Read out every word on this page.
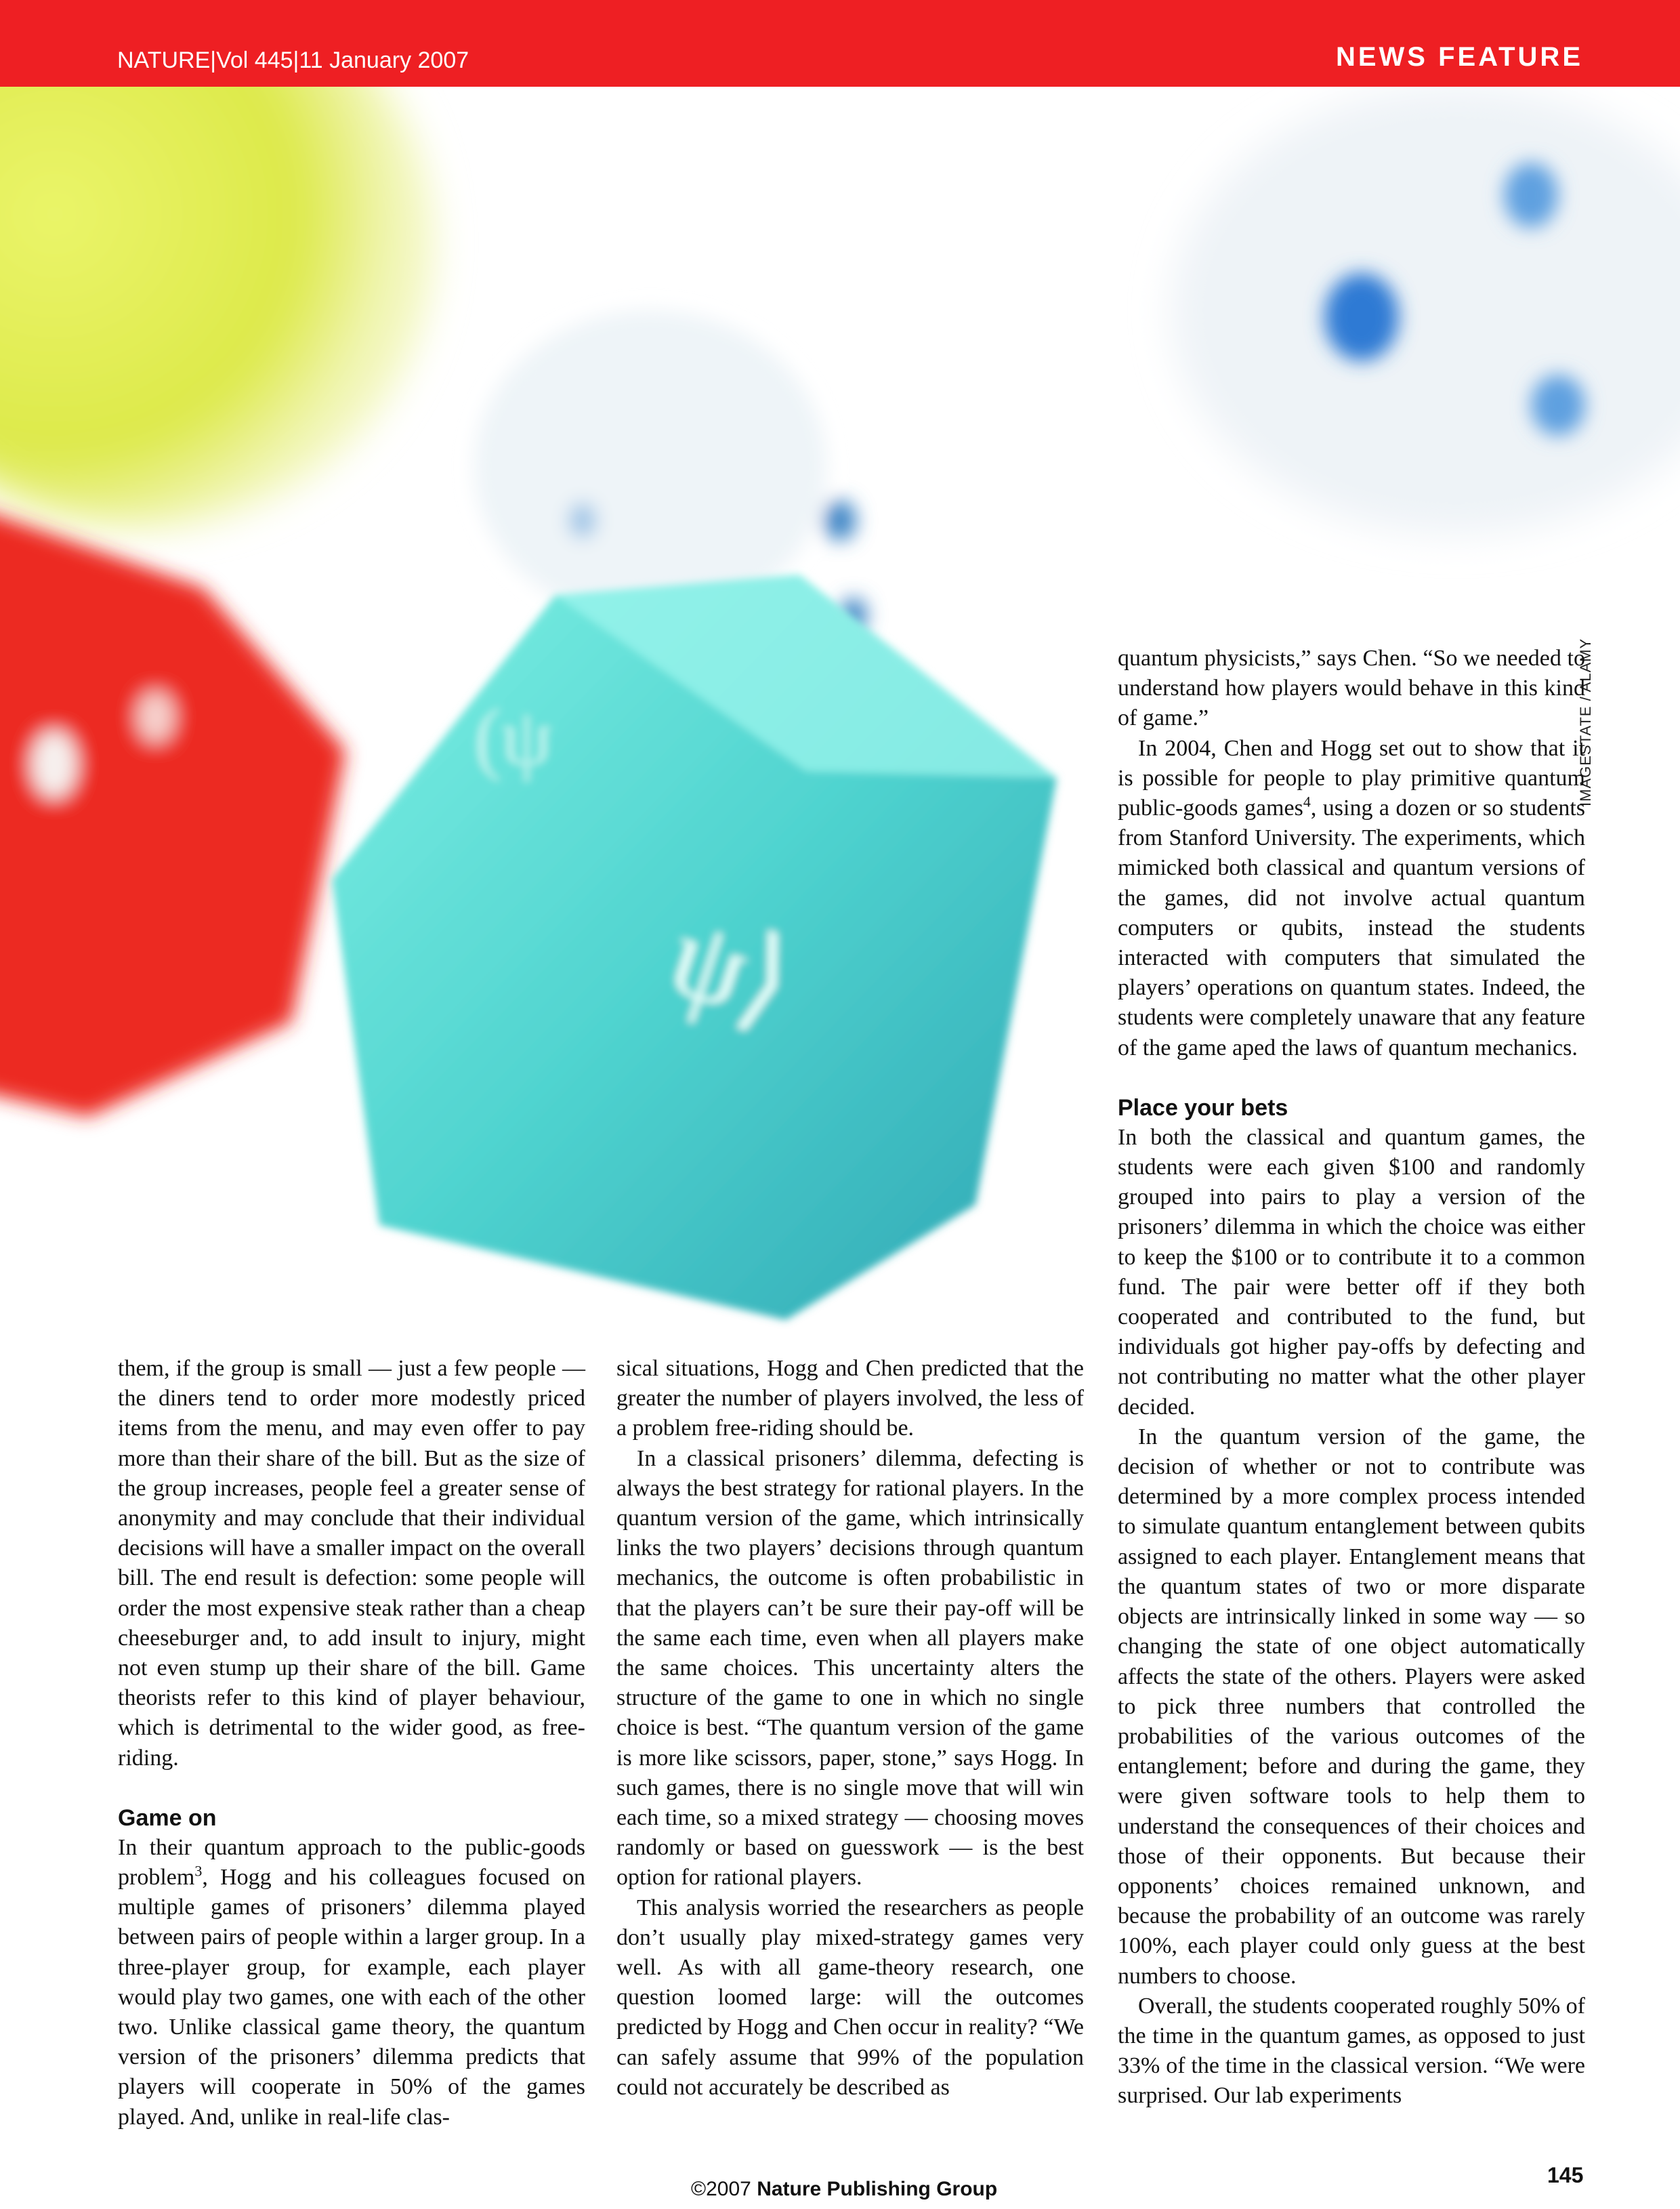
NATURE|Vol 445|11 January 2007	NEWS FEATURE
ψ⟩
(ψ	IMAGESTATE / ALAMY

them, if the group is small — just a few people — the diners tend to order more modestly priced items from the menu, and may even offer to pay more than their share of the bill. But as the size of the group increases, people feel a greater sense of anonymity and may conclude that their individual decisions will have a smaller impact on the overall bill. The end result is defection: some people will order the most expensive steak rather than a cheap cheeseburger and, to add insult to injury, might not even stump up their share of the bill. Game theorists refer to this kind of player behaviour, which is detrimental to the wider good, as free-riding.

Game on

In their quantum approach to the public-goods problem$^3$, Hogg and his colleagues focused on multiple games of prisoners’ dilemma played between pairs of people within a larger group. In a three-player group, for example, each player would play two games, one with each of the other two. Unlike classical game theory, the quantum version of the prisoners’ dilemma predicts that players will cooperate in 50% of the games played. And, unlike in real-life clas-

sical situations, Hogg and Chen predicted that the greater the number of players involved, the less of a problem free-riding should be.

In a classical prisoners’ dilemma, defecting is always the best strategy for rational players. In the quantum version of the game, which intrinsically links the two players’ decisions through quantum mechanics, the outcome is often probabilistic in that the players can’t be sure their pay-off will be the same each time, even when all players make the same choices. This uncertainty alters the structure of the game to one in which no single choice is best. “The quantum version of the game is more like scissors, paper, stone,” says Hogg. In such games, there is no single move that will win each time, so a mixed strategy — choosing moves randomly or based on guesswork — is the best option for rational players.

This analysis worried the researchers as people don’t usually play mixed-strategy games very well. As with all game-theory research, one question loomed large: will the outcomes predicted by Hogg and Chen occur in reality? “We can safely assume that 99% of the population could not accurately be described as

quantum physicists,” says Chen. “So we needed to understand how players would behave in this kind of game.”

In 2004, Chen and Hogg set out to show that it is possible for people to play primitive quantum public-goods games$^4$, using a dozen or so students from Stanford University. The experiments, which mimicked both classical and quantum versions of the games, did not involve actual quantum computers or qubits, instead the students interacted with computers that simulated the players’ operations on quantum states. Indeed, the students were completely unaware that any feature of the game aped the laws of quantum mechanics.

Place your bets

In both the classical and quantum games, the students were each given $100 and randomly grouped into pairs to play a version of the prisoners’ dilemma in which the choice was either to keep the $100 or to contribute it to a common fund. The pair were better off if they both cooperated and contributed to the fund, but individuals got higher pay-offs by defecting and not contributing no matter what the other player decided.

In the quantum version of the game, the decision of whether or not to contribute was determined by a more complex process intended to simulate quantum entanglement between qubits assigned to each player. Entanglement means that the quantum states of two or more disparate objects are intrinsically linked in some way — so changing the state of one object automatically affects the state of the others. Players were asked to pick three numbers that controlled the probabilities of the various outcomes of the entanglement; before and during the game, they were given software tools to help them to understand the consequences of their choices and those of their opponents. But because their opponents’ choices remained unknown, and because the probability of an outcome was rarely 100%, each player could only guess at the best numbers to choose.

Overall, the students cooperated roughly 50% of the time in the quantum games, as opposed to just 33% of the time in the classical version. “We were surprised. Our lab experiments

145
©2007 Nature Publishing Group
